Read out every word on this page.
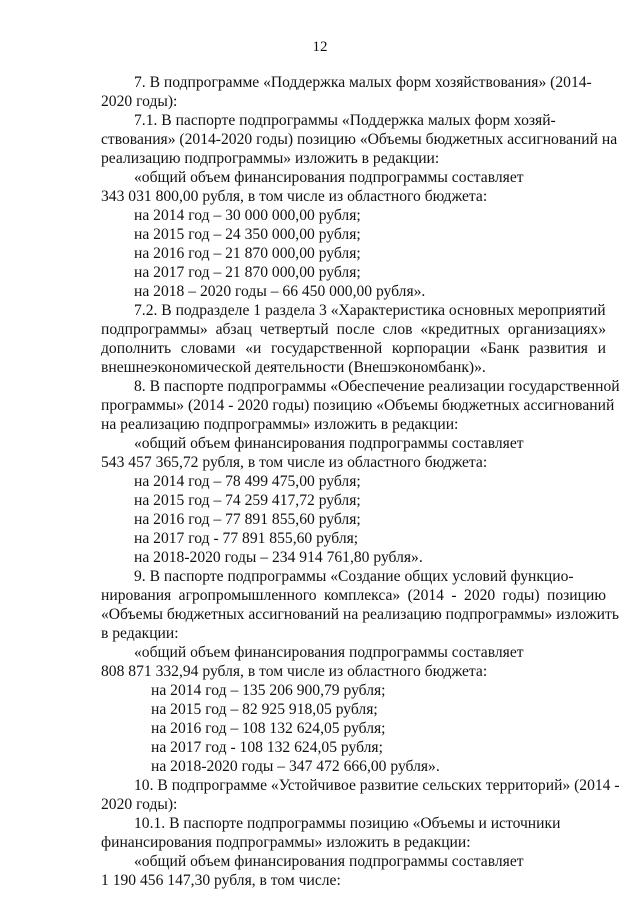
12
7. В подпрограмме «Поддержка малых форм хозяйствования» (2014-
2020 годы):
7.1. В паспорте подпрограммы «Поддержка малых форм хозяй-
ствования» (2014-2020 годы) позицию «Объемы бюджетных ассигнований на
реализацию подпрограммы» изложить в редакции:
«общий объем финансирования подпрограммы составляет
343 031 800,00 рубля, в том числе из областного бюджета:
на 2014 год – 30 000 000,00 рубля;
на 2015 год – 24 350 000,00 рубля;
на 2016 год – 21 870 000,00 рубля;
на 2017 год – 21 870 000,00 рубля;
на 2018 – 2020 годы – 66 450 000,00 рубля».
7.2. В подразделе 1 раздела 3 «Характеристика основных мероприятий
подпрограммы» абзац четвертый после слов «кредитных организациях»
дополнить словами «и государственной корпорации «Банк развития и
внешнеэкономической деятельности (Внешэкономбанк)».
8. В паспорте подпрограммы «Обеспечение реализации государственной
программы» (2014 - 2020 годы) позицию «Объемы бюджетных ассигнований
на реализацию подпрограммы» изложить в редакции:
«общий объем финансирования подпрограммы составляет
543 457 365,72 рубля, в том числе из областного бюджета:
на 2014 год – 78 499 475,00 рубля;
на 2015 год – 74 259 417,72 рубля;
на 2016 год – 77 891 855,60 рубля;
на 2017 год - 77 891 855,60 рубля;
на 2018-2020 годы – 234 914 761,80 рубля».
9. В паспорте подпрограммы «Создание общих условий функцио-
нирования агропромышленного комплекса» (2014 - 2020 годы) позицию
«Объемы бюджетных ассигнований на реализацию подпрограммы» изложить
в редакции:
«общий объем финансирования подпрограммы составляет
808 871 332,94 рубля, в том числе из областного бюджета:
на 2014 год – 135 206 900,79 рубля;
на 2015 год – 82 925 918,05 рубля;
на 2016 год – 108 132 624,05 рубля;
на 2017 год - 108 132 624,05 рубля;
на 2018-2020 годы – 347 472 666,00 рубля».
10. В подпрограмме «Устойчивое развитие сельских территорий» (2014 -
2020 годы):
10.1. В паспорте подпрограммы позицию «Объемы и источники
финансирования подпрограммы» изложить в редакции:
«общий объем финансирования подпрограммы составляет
1 190 456 147,30 рубля, в том числе:
